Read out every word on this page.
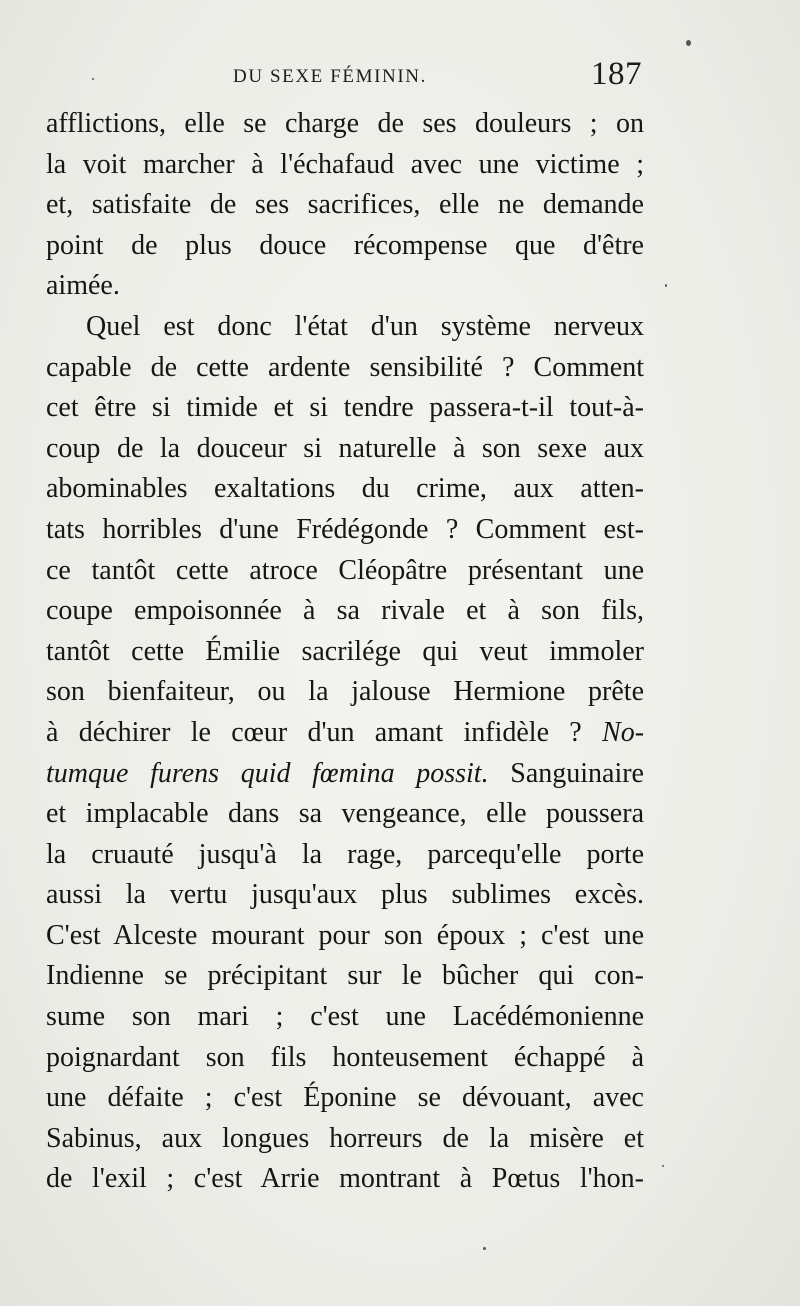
DU SEXE FÉMININ.	187
afflictions, elle se charge de ses douleurs ; on
la voit marcher à l'échafaud avec une victime ;
et, satisfaite de ses sacrifices, elle ne demande
point de plus douce récompense que d'être
aimée.
Quel est donc l'état d'un système nerveux
capable de cette ardente sensibilité ? Comment
cet être si timide et si tendre passera-t-il tout-à-
coup de la douceur si naturelle à son sexe aux
abominables exaltations du crime, aux atten-
tats horribles d'une Frédégonde ? Comment est-
ce tantôt cette atroce Cléopâtre présentant une
coupe empoisonnée à sa rivale et à son fils,
tantôt cette Émilie sacrilége qui veut immoler
son bienfaiteur, ou la jalouse Hermione prête
à déchirer le cœur d'un amant infidèle ? No-
tumque furens quid fœmina possit. Sanguinaire
et implacable dans sa vengeance, elle poussera
la cruauté jusqu'à la rage, parcequ'elle porte
aussi la vertu jusqu'aux plus sublimes excès.
C'est Alceste mourant pour son époux ; c'est une
Indienne se précipitant sur le bûcher qui con-
sume son mari ; c'est une Lacédémonienne
poignardant son fils honteusement échappé à
une défaite ; c'est Éponine se dévouant, avec
Sabinus, aux longues horreurs de la misère et
de l'exil ; c'est Arrie montrant à Pœtus l'hon-
